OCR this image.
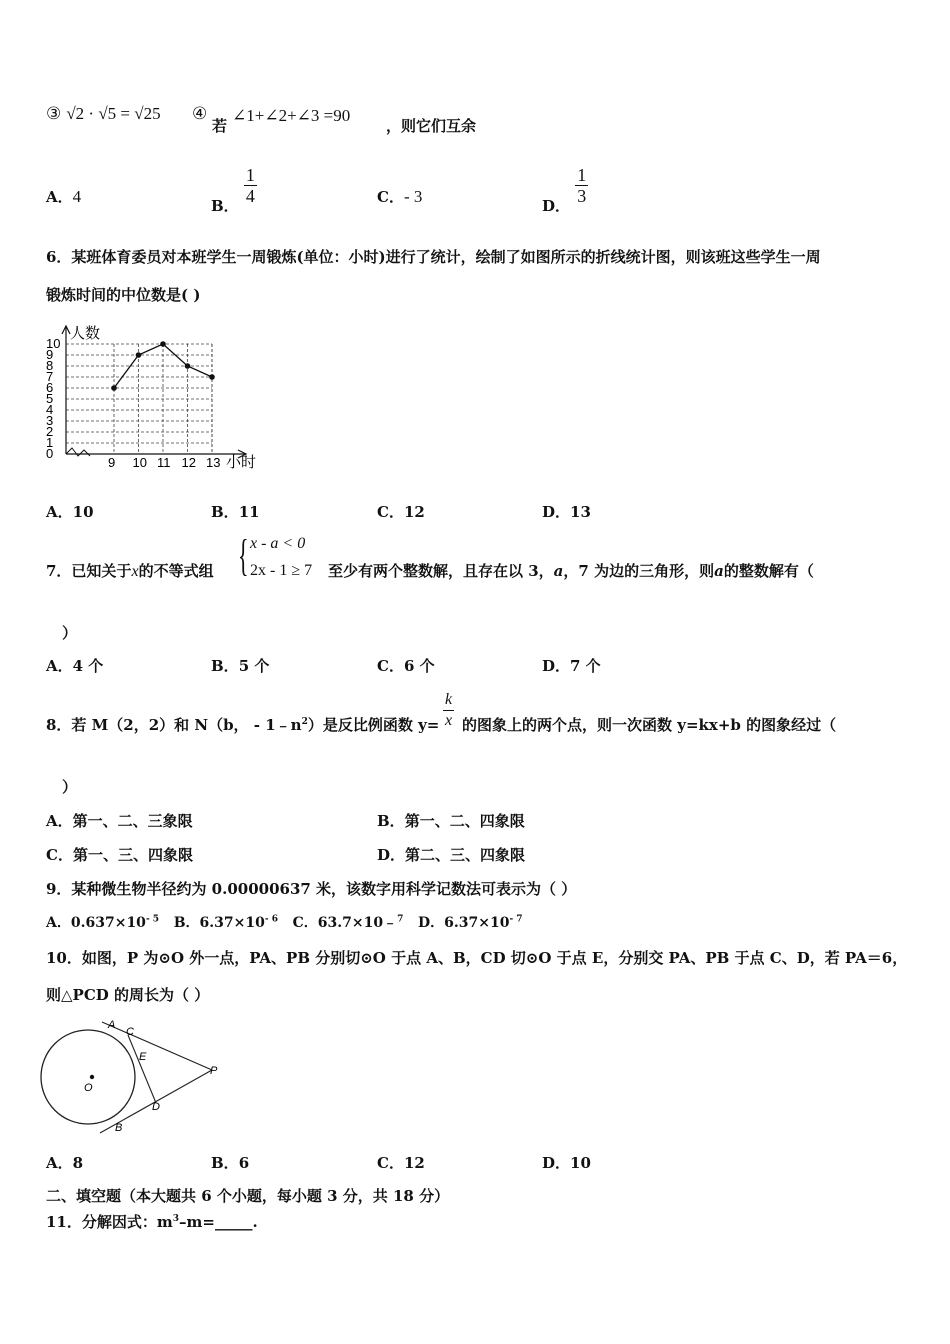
③ √2 · √5 = √25 ④
若
∠1+∠2+∠3 =90
，则它们互余
A．4	B． $\frac{1}{4}$	C．- 3	D． $\frac{1}{3}$
6．某班体育委员对本班学生一周锻炼(单位：小时)进行了统计，绘制了如图所示的折线统计图，则该班这些学生一周
锻炼时间的中位数是( )
0
1
2
3
4
5
6
7
8
9
10
9 10 11 12 13
人数
小时
A．10	B．11	C．12	D．13
7．已知关于x的不等式组 { x - a < 0
2x - 1 ≥ 7 至少有两个整数解，且存在以 3，a，7 为边的三角形，则a的整数解有（
）
A．4 个	B．5 个	C．6 个	D．7 个
8．若 M（2，2）和 N（b， - $1﹣n^2$）是反比例函数 $y= \frac{k}{x}$ 的图象上的两个点，则一次函数 y=kx+b 的图象经过（
）
A．第一、二、三象限	B．第一、二、四象限
C．第一、三、四象限	D．第二、三、四象限
9．某种微生物半径约为 0.00000637 米，该数字用科学记数法可表示为（ ）
A．$0.637\times 10^{- 5}$ B．$6.37\times 10^{- 6}$ C．63.7×10﹣$^7$ D．$6.37\times 10^{- 7}$
10．如图，P 为⊙O 外一点，PA、PB 分别切⊙O 于点 A、B，CD 切⊙O 于点 E，分别交 PA、PB 于点 C、D，若 PA＝6，
则△PCD 的周长为（ ）
A
C
E
O
P
D
B
A．8	B．6	C．12	D．10
二、填空题（本大题共 6 个小题，每小题 3 分，共 18 分）
11．分解因式：$m^3-m=\_\_\_\_\_$.
